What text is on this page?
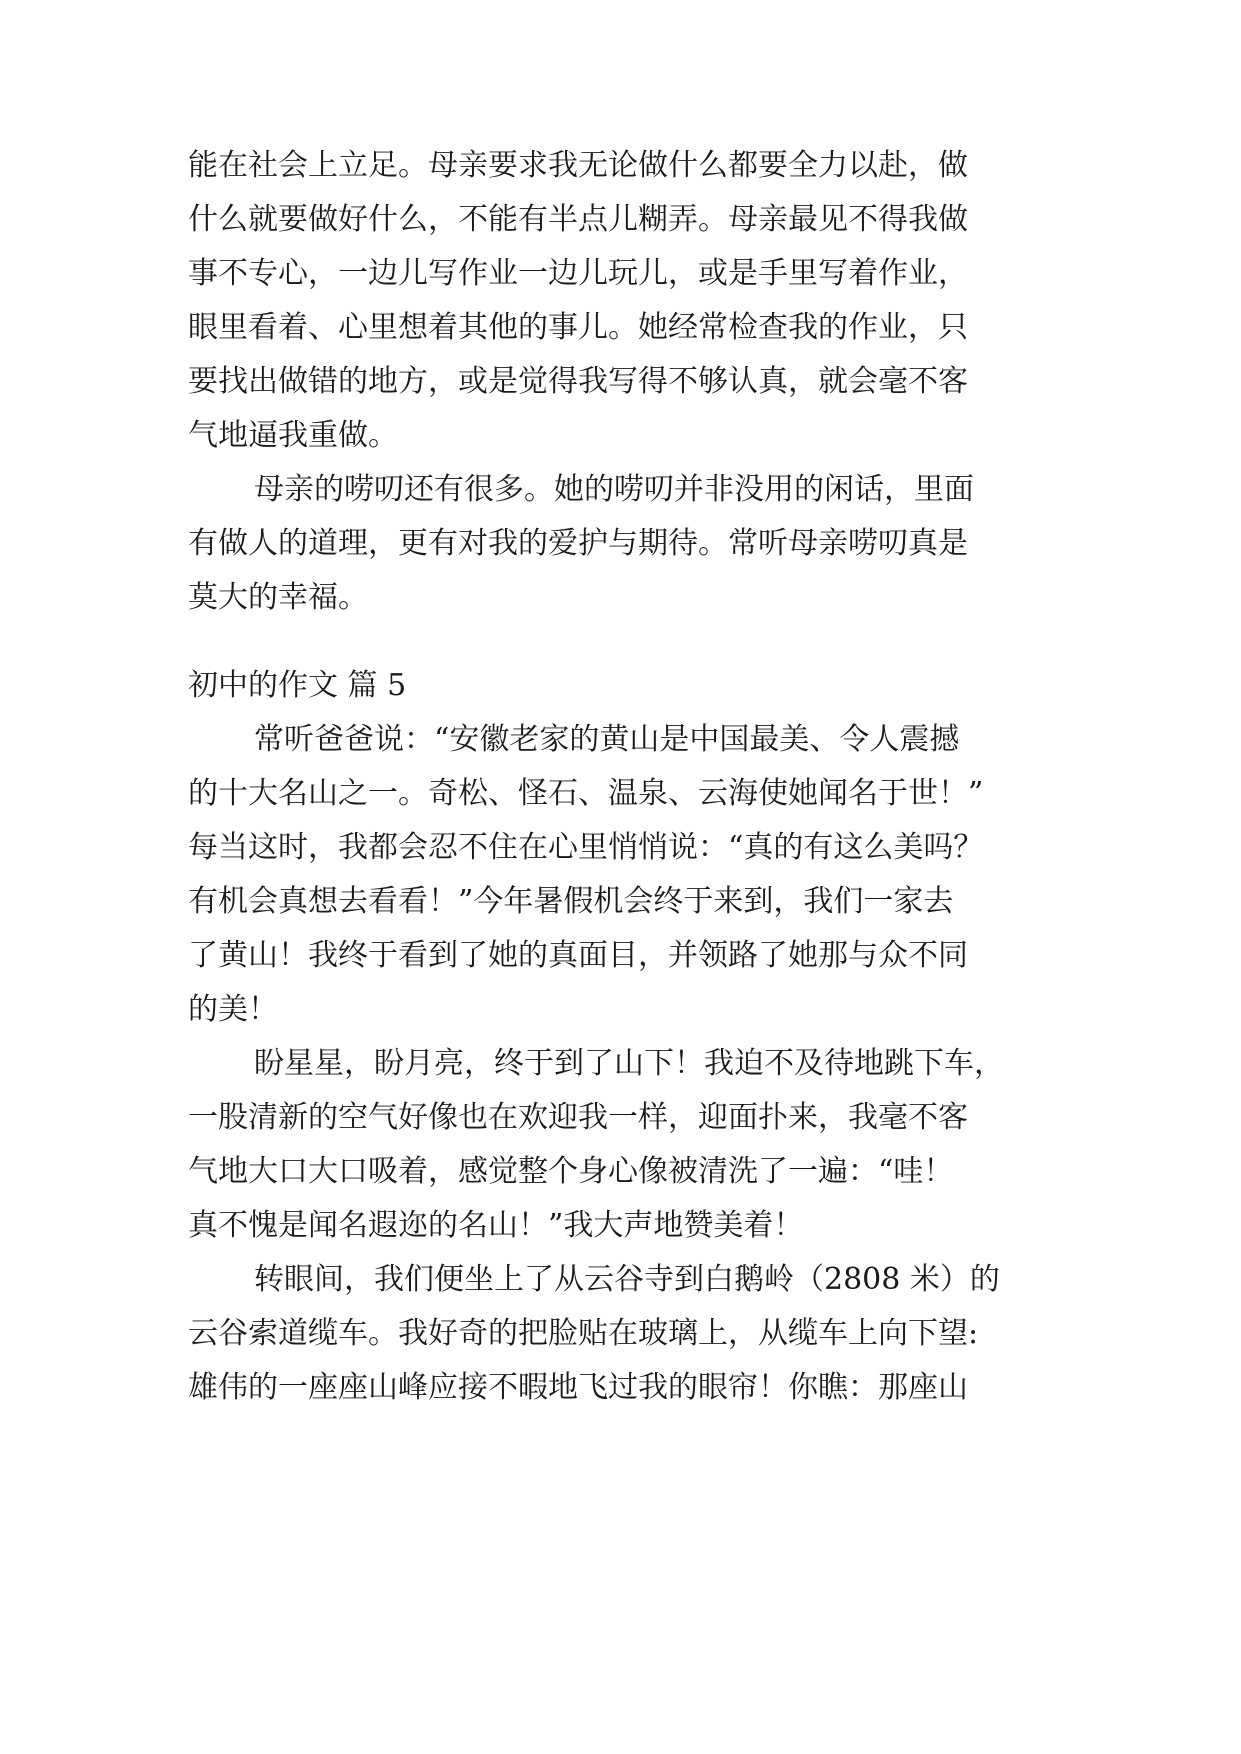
能在社会上立足。母亲要求我无论做什么都要全力以赴，做
什么就要做好什么，不能有半点儿糊弄。母亲最见不得我做
事不专心，一边儿写作业一边儿玩儿，或是手里写着作业，
眼里看着、心里想着其他的事儿。她经常检查我的作业，只
要找出做错的地方，或是觉得我写得不够认真，就会毫不客
气地逼我重做。
母亲的唠叨还有很多。她的唠叨并非没用的闲话，里面
有做人的道理，更有对我的爱护与期待。常听母亲唠叨真是
莫大的幸福。
初中的作文 篇 5
常听爸爸说：“安徽老家的黄山是中国最美、令人震撼
的十大名山之一。奇松、怪石、温泉、云海使她闻名于世！”
每当这时，我都会忍不住在心里悄悄说：“真的有这么美吗？
有机会真想去看看！”今年暑假机会终于来到，我们一家去
了黄山！我终于看到了她的真面目，并领路了她那与众不同
的美！
盼星星，盼月亮，终于到了山下！我迫不及待地跳下车，
一股清新的空气好像也在欢迎我一样，迎面扑来，我毫不客
气地大口大口吸着，感觉整个身心像被清洗了一遍：“哇！
真不愧是闻名遐迩的名山！”我大声地赞美着！
转眼间，我们便坐上了从云谷寺到白鹅岭（2808 米）的
云谷索道缆车。我好奇的把脸贴在玻璃上，从缆车上向下望:
雄伟的一座座山峰应接不暇地飞过我的眼帘！你瞧：那座山
